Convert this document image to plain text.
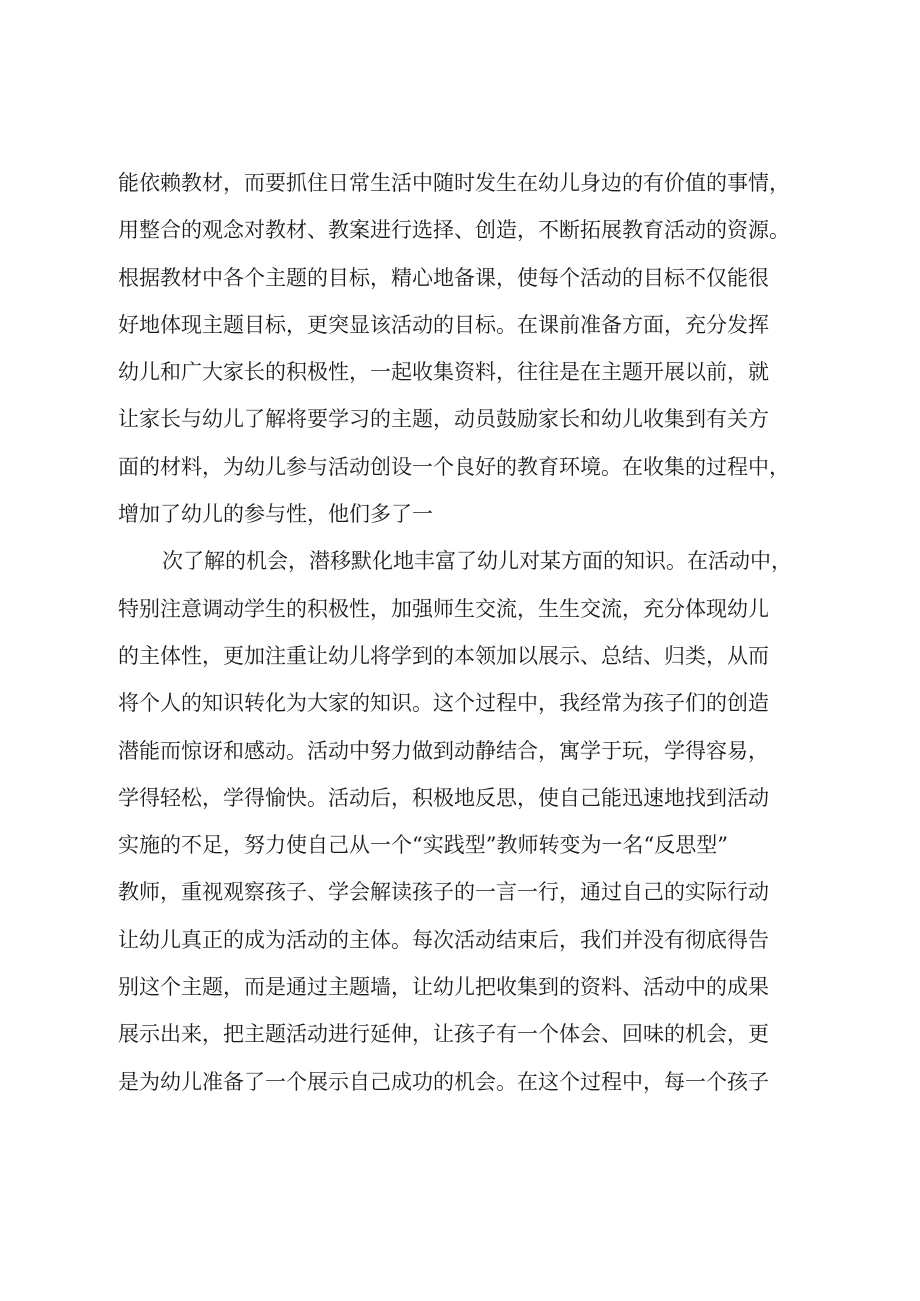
能依赖教材，而要抓住日常生活中随时发生在幼儿身边的有价值的事情，
用整合的观念对教材、教案进行选择、创造，不断拓展教育活动的资源。
根据教材中各个主题的目标，精心地备课，使每个活动的目标不仅能很
好地体现主题目标，更突显该活动的目标。在课前准备方面，充分发挥
幼儿和广大家长的积极性，一起收集资料，往往是在主题开展以前，就
让家长与幼儿了解将要学习的主题，动员鼓励家长和幼儿收集到有关方
面的材料，为幼儿参与活动创设一个良好的教育环境。在收集的过程中，
增加了幼儿的参与性，他们多了一
次了解的机会，潜移默化地丰富了幼儿对某方面的知识。在活动中，
特别注意调动学生的积极性，加强师生交流，生生交流，充分体现幼儿
的主体性，更加注重让幼儿将学到的本领加以展示、总结、归类，从而
将个人的知识转化为大家的知识。这个过程中，我经常为孩子们的创造
潜能而惊讶和感动。活动中努力做到动静结合，寓学于玩，学得容易，
学得轻松，学得愉快。活动后，积极地反思，使自己能迅速地找到活动
实施的不足，努力使自己从一个“实践型”教师转变为一名“反思型”
教师，重视观察孩子、学会解读孩子的一言一行，通过自己的实际行动
让幼儿真正的成为活动的主体。每次活动结束后，我们并没有彻底得告
别这个主题，而是通过主题墙，让幼儿把收集到的资料、活动中的成果
展示出来，把主题活动进行延伸，让孩子有一个体会、回味的机会，更
是为幼儿准备了一个展示自己成功的机会。在这个过程中，每一个孩子
